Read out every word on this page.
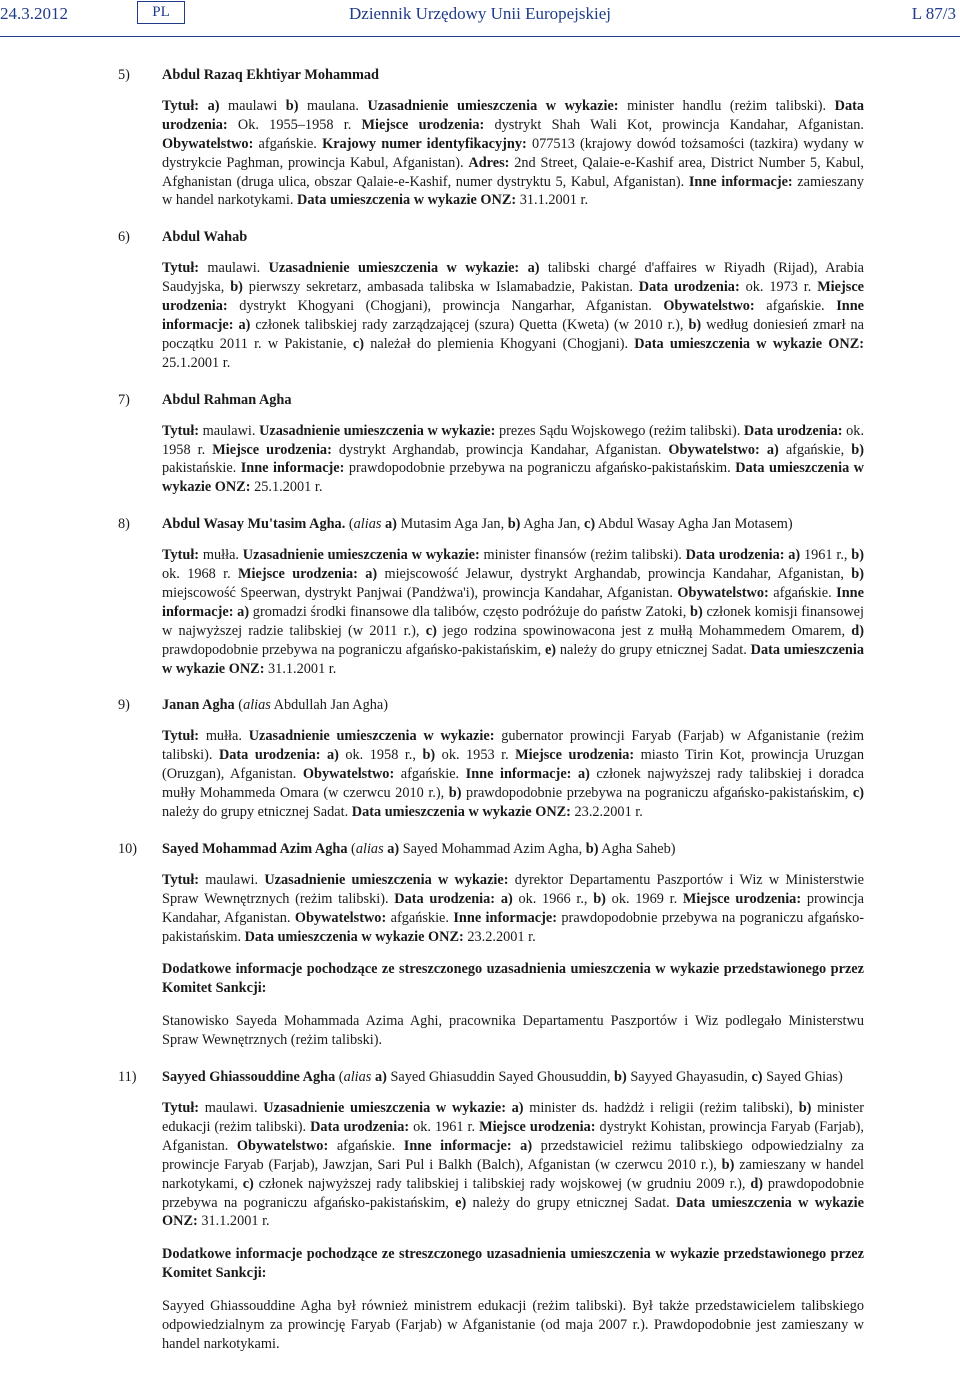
24.3.2012	PL	Dziennik Urzędowy Unii Europejskiej	L 87/3
5)	Abdul Razaq Ekhtiyar Mohammad

Tytuł: a) maulawi b) maulana. Uzasadnienie umieszczenia w wykazie: minister handlu (reżim talibski). Data urodzenia: Ok. 1955–1958 r. Miejsce urodzenia: dystrykt Shah Wali Kot, prowincja Kandahar, Afganistan. Obywatelstwo: afgańskie. Krajowy numer identyfikacyjny: 077513 (krajowy dowód tożsamości (tazkira) wydany w dystrykcie Paghman, prowincja Kabul, Afganistan). Adres: 2nd Street, Qalaie-e-Kashif area, District Number 5, Kabul, Afghanistan (druga ulica, obszar Qalaie-e-Kashif, numer dystryktu 5, Kabul, Afganistan). Inne informacje: zamieszany w handel narkotykami. Data umieszczenia w wykazie ONZ: 31.1.2001 r.

6)	Abdul Wahab

Tytuł: maulawi. Uzasadnienie umieszczenia w wykazie: a) talibski chargé d'affaires w Riyadh (Rijad), Arabia Saudyjska, b) pierwszy sekretarz, ambasada talibska w Islamabadzie, Pakistan. Data urodzenia: ok. 1973 r. Miejsce urodzenia: dystrykt Khogyani (Chogjani), prowincja Nangarhar, Afganistan. Obywatelstwo: afgańskie. Inne informacje: a) członek talibskiej rady zarządzającej (szura) Quetta (Kweta) (w 2010 r.), b) według doniesień zmarł na początku 2011 r. w Pakistanie, c) należał do plemienia Khogyani (Chogjani). Data umieszczenia w wykazie ONZ: 25.1.2001 r.

7)	Abdul Rahman Agha

Tytuł: maulawi. Uzasadnienie umieszczenia w wykazie: prezes Sądu Wojskowego (reżim talibski). Data urodzenia: ok. 1958 r. Miejsce urodzenia: dystrykt Arghandab, prowincja Kandahar, Afganistan. Obywatelstwo: a) afgańskie, b) pakistańskie. Inne informacje: prawdopodobnie przebywa na pograniczu afgańsko-pakistańskim. Data umieszczenia w wykazie ONZ: 25.1.2001 r.

8)	Abdul Wasay Mu'tasim Agha. (alias a) Mutasim Aga Jan, b) Agha Jan, c) Abdul Wasay Agha Jan Motasem)

Tytuł: mułła. Uzasadnienie umieszczenia w wykazie: minister finansów (reżim talibski). Data urodzenia: a) 1961 r., b) ok. 1968 r. Miejsce urodzenia: a) miejscowość Jelawur, dystrykt Arghandab, prowincja Kandahar, Afganistan, b) miejscowość Speerwan, dystrykt Panjwai (Pandżwa'i), prowincja Kandahar, Afganistan. Obywatelstwo: afgańskie. Inne informacje: a) gromadzi środki finansowe dla talibów, często podróżuje do państw Zatoki, b) członek komisji finansowej w najwyższej radzie talibskiej (w 2011 r.), c) jego rodzina spowinowacona jest z mułłą Mohammedem Omarem, d) prawdopodobnie przebywa na pograniczu afgańsko-pakistańskim, e) należy do grupy etnicznej Sadat. Data umieszczenia w wykazie ONZ: 31.1.2001 r.

9)	Janan Agha (alias Abdullah Jan Agha)

Tytuł: mułła. Uzasadnienie umieszczenia w wykazie: gubernator prowincji Faryab (Farjab) w Afganistanie (reżim talibski). Data urodzenia: a) ok. 1958 r., b) ok. 1953 r. Miejsce urodzenia: miasto Tirin Kot, prowincja Uruzgan (Oruzgan), Afganistan. Obywatelstwo: afgańskie. Inne informacje: a) członek najwyższej rady talibskiej i doradca mułły Mohammeda Omara (w czerwcu 2010 r.), b) prawdopodobnie przebywa na pograniczu afgańsko-pakistańskim, c) należy do grupy etnicznej Sadat. Data umieszczenia w wykazie ONZ: 23.2.2001 r.

10)	Sayed Mohammad Azim Agha (alias a) Sayed Mohammad Azim Agha, b) Agha Saheb)

Tytuł: maulawi. Uzasadnienie umieszczenia w wykazie: dyrektor Departamentu Paszportów i Wiz w Ministerstwie Spraw Wewnętrznych (reżim talibski). Data urodzenia: a) ok. 1966 r., b) ok. 1969 r. Miejsce urodzenia: prowincja Kandahar, Afganistan. Obywatelstwo: afgańskie. Inne informacje: prawdopodobnie przebywa na pograniczu afgańsko-pakistańskim. Data umieszczenia w wykazie ONZ: 23.2.2001 r.

Dodatkowe informacje pochodzące ze streszczonego uzasadnienia umieszczenia w wykazie przedstawionego przez Komitet Sankcji:

Stanowisko Sayeda Mohammada Azima Aghi, pracownika Departamentu Paszportów i Wiz podlegało Ministerstwu Spraw Wewnętrznych (reżim talibski).

11)	Sayyed Ghiassouddine Agha (alias a) Sayed Ghiasuddin Sayed Ghousuddin, b) Sayyed Ghayasudin, c) Sayed Ghias)

Tytuł: maulawi. Uzasadnienie umieszczenia w wykazie: a) minister ds. hadżdż i religii (reżim talibski), b) minister edukacji (reżim talibski). Data urodzenia: ok. 1961 r. Miejsce urodzenia: dystrykt Kohistan, prowincja Faryab (Farjab), Afganistan. Obywatelstwo: afgańskie. Inne informacje: a) przedstawiciel reżimu talibskiego odpowiedzialny za prowincje Faryab (Farjab), Jawzjan, Sari Pul i Balkh (Balch), Afganistan (w czerwcu 2010 r.), b) zamieszany w handel narkotykami, c) członek najwyższej rady talibskiej i talibskiej rady wojskowej (w grudniu 2009 r.), d) prawdopodobnie przebywa na pograniczu afgańsko-pakistańskim, e) należy do grupy etnicznej Sadat. Data umieszczenia w wykazie ONZ: 31.1.2001 r.

Dodatkowe informacje pochodzące ze streszczonego uzasadnienia umieszczenia w wykazie przedstawionego przez Komitet Sankcji:

Sayyed Ghiassouddine Agha był również ministrem edukacji (reżim talibski). Był także przedstawicielem talibskiego odpowiedzialnym za prowincję Faryab (Farjab) w Afganistanie (od maja 2007 r.). Prawdopodobnie jest zamieszany w handel narkotykami.
